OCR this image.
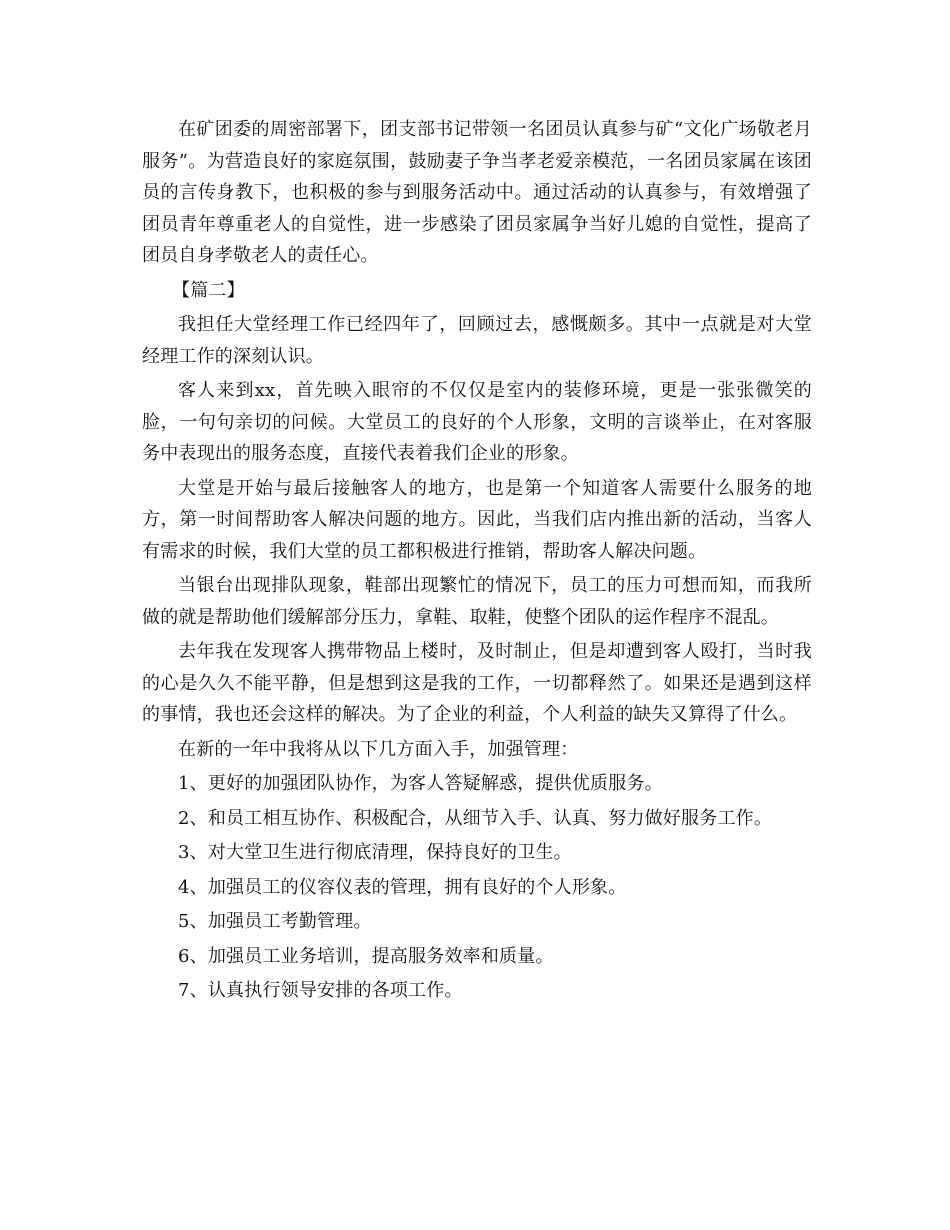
在矿团委的周密部署下，团支部书记带领一名团员认真参与矿“文化广场敬老月服务”。为营造良好的家庭氛围，鼓励妻子争当孝老爱亲模范，一名团员家属在该团员的言传身教下，也积极的参与到服务活动中。通过活动的认真参与，有效增强了团员青年尊重老人的自觉性，进一步感染了团员家属争当好儿媳的自觉性，提高了团员自身孝敬老人的责任心。

【篇二】

我担任大堂经理工作已经四年了，回顾过去，感慨颇多。其中一点就是对大堂经理工作的深刻认识。

客人来到xx，首先映入眼帘的不仅仅是室内的装修环境，更是一张张微笑的脸，一句句亲切的问候。大堂员工的良好的个人形象，文明的言谈举止，在对客服务中表现出的服务态度，直接代表着我们企业的形象。

大堂是开始与最后接触客人的地方，也是第一个知道客人需要什么服务的地方，第一时间帮助客人解决问题的地方。因此，当我们店内推出新的活动，当客人有需求的时候，我们大堂的员工都积极进行推销，帮助客人解决问题。

当银台出现排队现象，鞋部出现繁忙的情况下，员工的压力可想而知，而我所做的就是帮助他们缓解部分压力，拿鞋、取鞋，使整个团队的运作程序不混乱。

去年我在发现客人携带物品上楼时，及时制止，但是却遭到客人殴打，当时我的心是久久不能平静，但是想到这是我的工作，一切都释然了。如果还是遇到这样的事情，我也还会这样的解决。为了企业的利益，个人利益的缺失又算得了什么。

在新的一年中我将从以下几方面入手，加强管理：

1、更好的加强团队协作，为客人答疑解惑，提供优质服务。

2、和员工相互协作、积极配合，从细节入手、认真、努力做好服务工作。

3、对大堂卫生进行彻底清理，保持良好的卫生。

4、加强员工的仪容仪表的管理，拥有良好的个人形象。

5、加强员工考勤管理。

6、加强员工业务培训，提高服务效率和质量。

7、认真执行领导安排的各项工作。
